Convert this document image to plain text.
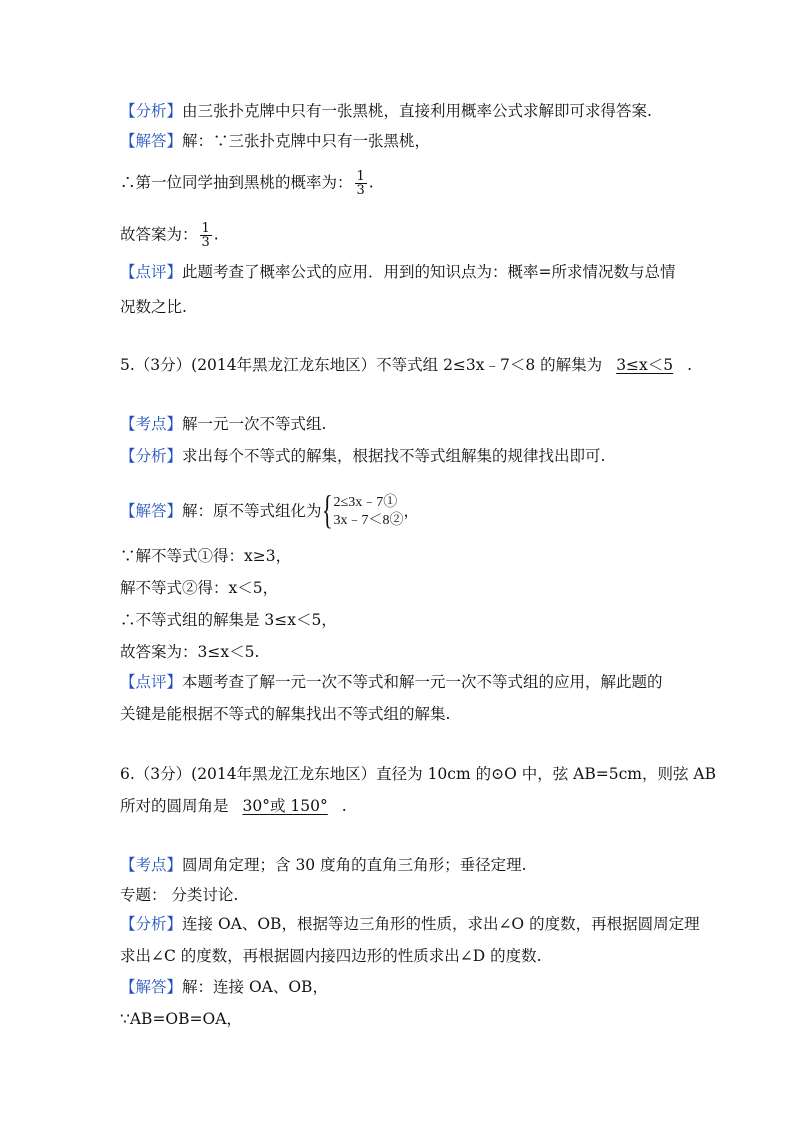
【分析】由三张扑克牌中只有一张黑桃，直接利用概率公式求解即可求得答案.
【解答】解：∵三张扑克牌中只有一张黑桃，
∴第一位同学抽到黑桃的概率为： $\frac{1}{3}$ .
故答案为： $\frac{1}{3}$ .
【点评】此题考查了概率公式的应用．用到的知识点为：概率=所求情况数与总情
况数之比.
5.（3分）(2014年黑龙江龙东地区）不等式组 2≤3x﹣7＜8 的解集为 3≤x＜5 .
【考点】解一元一次不等式组.
【分析】求出每个不等式的解集，根据找不等式组解集的规律找出即可.
【解答】解：原不等式组化为 { 2≤3x﹣7①
3x﹣7＜8②
，
∵解不等式①得：x≥3，
解不等式②得：x＜5，
∴不等式组的解集是 3≤x＜5，
故答案为：3≤x＜5.
【点评】本题考查了解一元一次不等式和解一元一次不等式组的应用，解此题的
关键是能根据不等式的解集找出不等式组的解集.
6.（3分）(2014年黑龙江龙东地区）直径为 10cm 的⊙O 中，弦 AB=5cm，则弦 AB
所对的圆周角是 30°或 150° .
【考点】圆周角定理；含 30 度角的直角三角形；垂径定理.
专题： 分类讨论.
【分析】连接 OA、OB，根据等边三角形的性质，求出∠O 的度数，再根据圆周定理
求出∠C 的度数，再根据圆内接四边形的性质求出∠D 的度数.
【解答】解：连接 OA、OB，
∵AB=OB=OA，
